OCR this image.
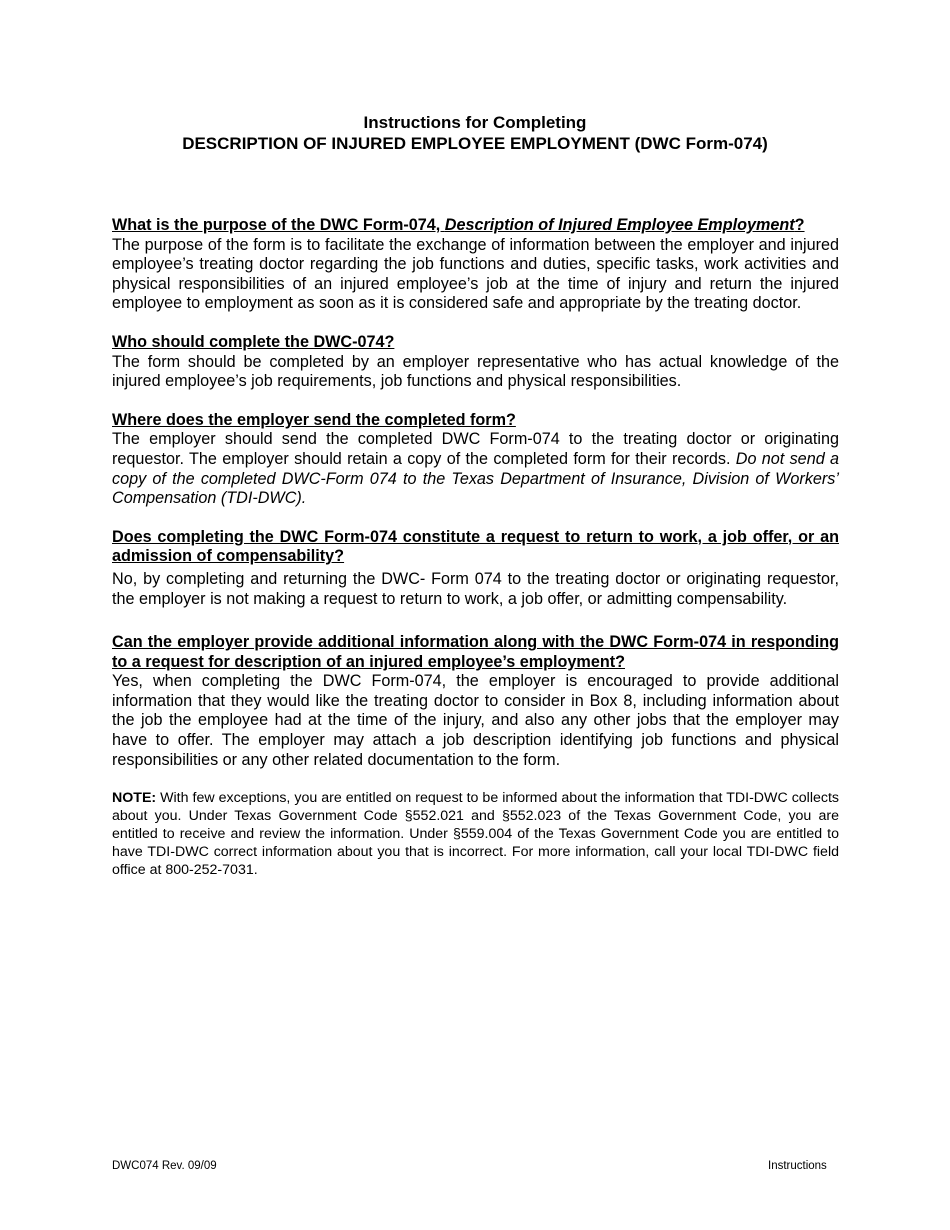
Instructions for Completing
DESCRIPTION OF INJURED EMPLOYEE EMPLOYMENT (DWC Form-074)

What is the purpose of the DWC Form-074, Description of Injured Employee Employment?

The purpose of the form is to facilitate the exchange of information between the employer and injured employee’s treating doctor regarding the job functions and duties, specific tasks, work activities and physical responsibilities of an injured employee’s job at the time of injury and return the injured employee to employment as soon as it is considered safe and appropriate by the treating doctor.

Who should complete the DWC-074?

The form should be completed by an employer representative who has actual knowledge of the injured employee’s job requirements, job functions and physical responsibilities.

Where does the employer send the completed form?

The employer should send the completed DWC Form-074 to the treating doctor or originating requestor. The employer should retain a copy of the completed form for their records. Do not send a copy of the completed DWC-Form 074 to the Texas Department of Insurance, Division of Workers’ Compensation (TDI-DWC).

Does completing the DWC Form-074 constitute a request to return to work, a job offer, or an admission of compensability?

No, by completing and returning the DWC- Form 074 to the treating doctor or originating requestor, the employer is not making a request to return to work, a job offer, or admitting compensability.

Can the employer provide additional information along with the DWC Form-074 in responding to a request for description of an injured employee’s employment?

Yes, when completing the DWC Form-074, the employer is encouraged to provide additional information that they would like the treating doctor to consider in Box 8, including information about the job the employee had at the time of the injury, and also any other jobs that the employer may have to offer. The employer may attach a job description identifying job functions and physical responsibilities or any other related documentation to the form.

NOTE: With few exceptions, you are entitled on request to be informed about the information that TDI-DWC collects about you. Under Texas Government Code §552.021 and §552.023 of the Texas Government Code, you are entitled to receive and review the information. Under §559.004 of the Texas Government Code you are entitled to have TDI-DWC correct information about you that is incorrect. For more information, call your local TDI-DWC field office at 800-252-7031.

DWC074 Rev. 09/09	Instructions
